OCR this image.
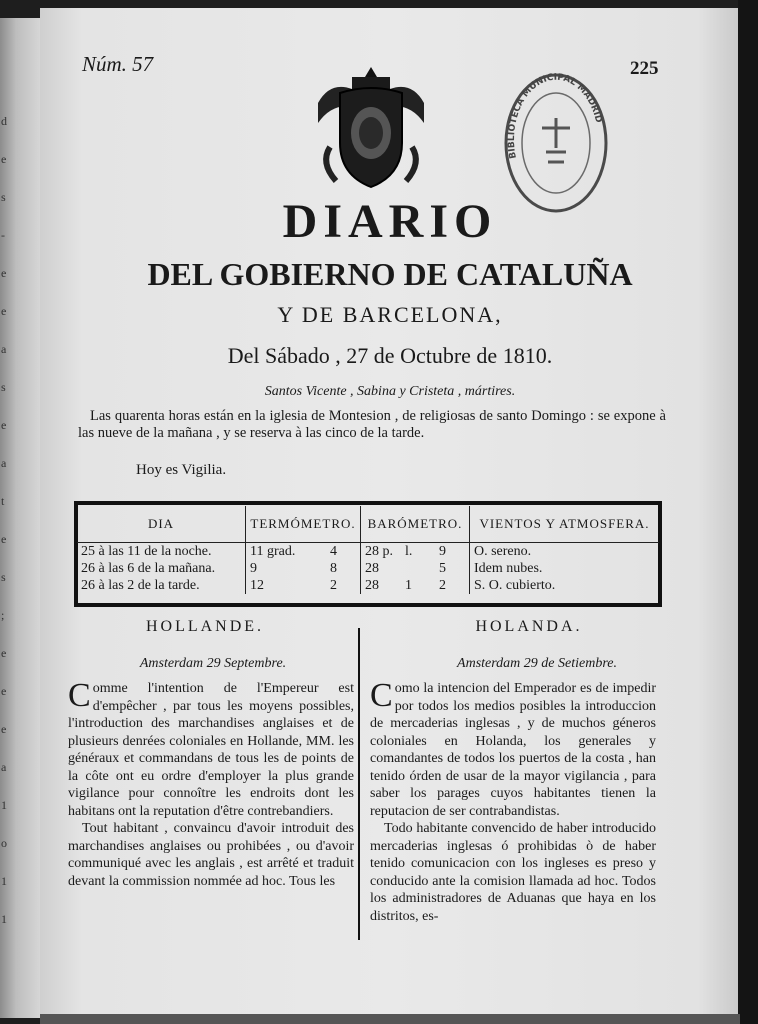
d
e
s
-
e
e
a
s
e
a
t
e
s
;
e
e
e
a
1
o
1
1
Núm. 57	225
BIBLIOTECA MUNICIPAL MADRID
DIARIO
DEL GOBIERNO DE CATALUÑA
Y DE BARCELONA,
Del Sábado , 27 de Octubre de 1810.
Santos Vicente , Sabina y Cristeta , mártires.
Las quarenta horas están en la iglesia de Montesion , de religiosas de santo Domingo : se expone à las nueve de la mañana , y se reserva à las cinco de la tarde.
Hoy es Vigilia.
DIA	TERMÓMETRO.	BARÓMETRO.	VIENTOS Y ATMOSFERA.
25 à las 11 de la noche.	11 grad. 4	28 p. l. 9	O. sereno.
26 à las 6 de la mañana.	9 8	28 5	Idem nubes.
26 à las 2 de la tarde.	12 2	28 1 2	S. O. cubierto.
HOLLANDE.
Amsterdam 29 Septembre.

Comme l'intention de l'Empereur est d'empêcher , par tous les moyens possibles, l'introduction des marchandises anglaises et de plusieurs denrées coloniales en Hollande, MM. les généraux et commandans de tous les de points de la côte ont eu ordre d'employer la plus grande vigilance pour connoître les endroits dont les habitans ont la reputation d'être contrebandiers.

Tout habitant , convaincu d'avoir introduit des marchandises anglaises ou prohibées , ou d'avoir communiqué avec les anglais , est arrêté et traduit devant la commission nommée ad hoc. Tous les

HOLANDA.
Amsterdam 29 de Setiembre.

Como la intencion del Emperador es de impedir por todos los medios posibles la introduccion de mercaderias inglesas , y de muchos géneros coloniales en Holanda, los generales y comandantes de todos los puertos de la costa , han tenido órden de usar de la mayor vigilancia , para saber los parages cuyos habitantes tienen la reputacion de ser contrabandistas.

Todo habitante convencido de haber introducido mercaderias inglesas ó prohibidas ò de haber tenido comunicacion con los ingleses es preso y conducido ante la comision llamada ad hoc. Todos los administradores de Aduanas que haya en los distritos, es-
